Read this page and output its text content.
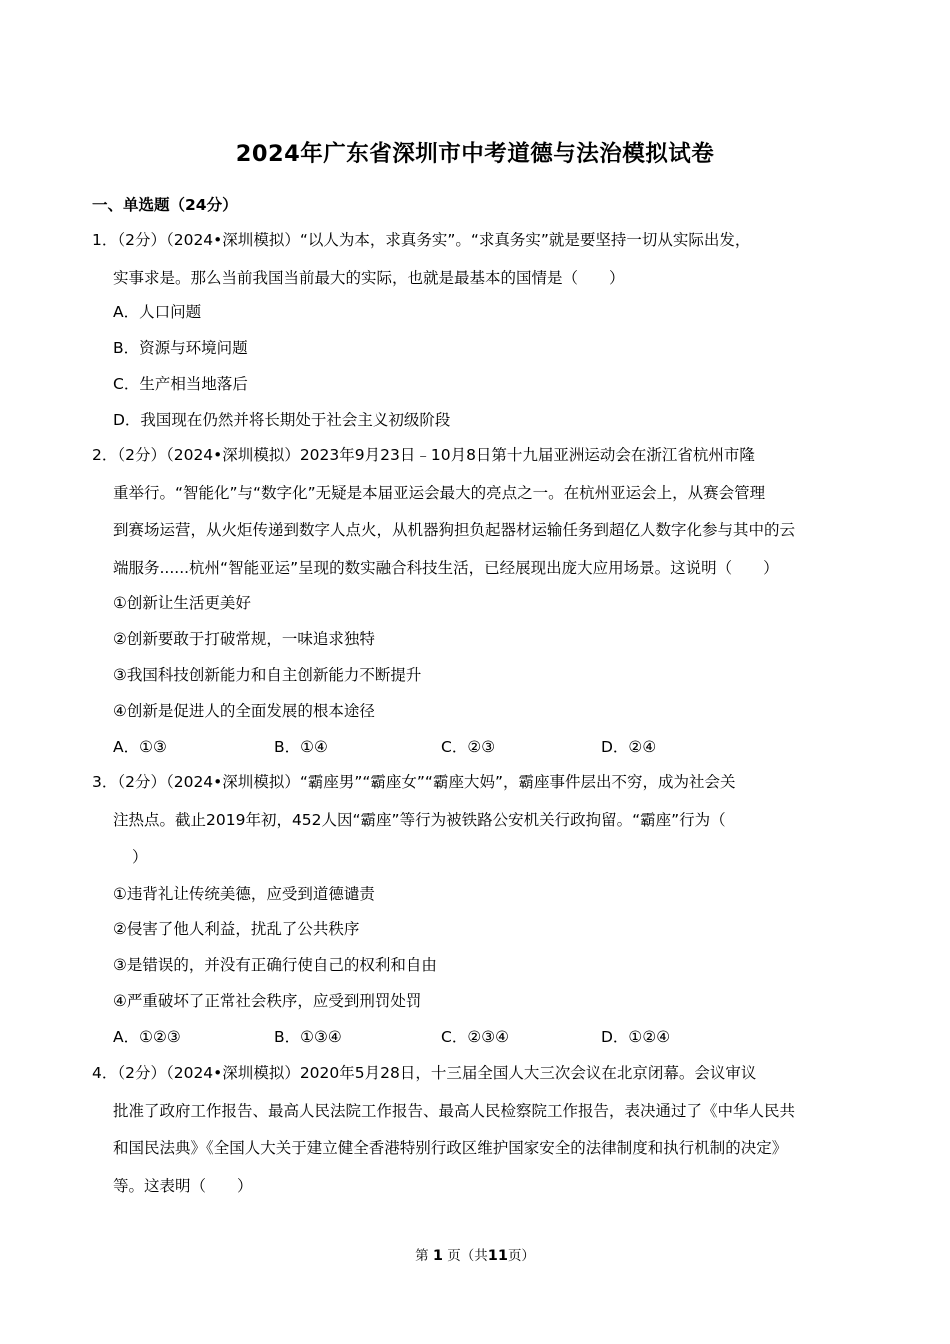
2024年广东省深圳市中考道德与法治模拟试卷
一、单选题（24分）
1．（2分）（2024•深圳模拟）“以人为本，求真务实”。“求真务实”就是要坚持一切从实际出发，
实事求是。那么当前我国当前最大的实际，也就是最基本的国情是（　　）
A．人口问题
B．资源与环境问题
C．生产相当地落后
D．我国现在仍然并将长期处于社会主义初级阶段
2．（2分）（2024•深圳模拟）2023年9月23日﹣10月8日第十九届亚洲运动会在浙江省杭州市隆
重举行。“智能化”与“数字化”无疑是本届亚运会最大的亮点之一。在杭州亚运会上，从赛会管理
到赛场运营，从火炬传递到数字人点火，从机器狗担负起器材运输任务到超亿人数字化参与其中的云
端服务......杭州“智能亚运”呈现的数实融合科技生活，已经展现出庞大应用场景。这说明（　　）
①创新让生活更美好
②创新要敢于打破常规，一味追求独特
③我国科技创新能力和自主创新能力不断提升
④创新是促进人的全面发展的根本途径
A．①③	B．①④	C．②③	D．②④
3．（2分）（2024•深圳模拟）“霸座男”“霸座女”“霸座大妈”，霸座事件层出不穷，成为社会关
注热点。截止2019年初，452人因“霸座”等行为被铁路公安机关行政拘留。“霸座”行为（
）
①违背礼让传统美德，应受到道德谴责
②侵害了他人利益，扰乱了公共秩序
③是错误的，并没有正确行使自己的权利和自由
④严重破坏了正常社会秩序，应受到刑罚处罚
A．①②③	B．①③④	C．②③④	D．①②④
4．（2分）（2024•深圳模拟）2020年5月28日，十三届全国人大三次会议在北京闭幕。会议审议
批准了政府工作报告、最高人民法院工作报告、最高人民检察院工作报告，表决通过了《中华人民共
和国民法典》《全国人大关于建立健全香港特别行政区维护国家安全的法律制度和执行机制的决定》
等。这表明（　　）
第 1 页（共11页）
